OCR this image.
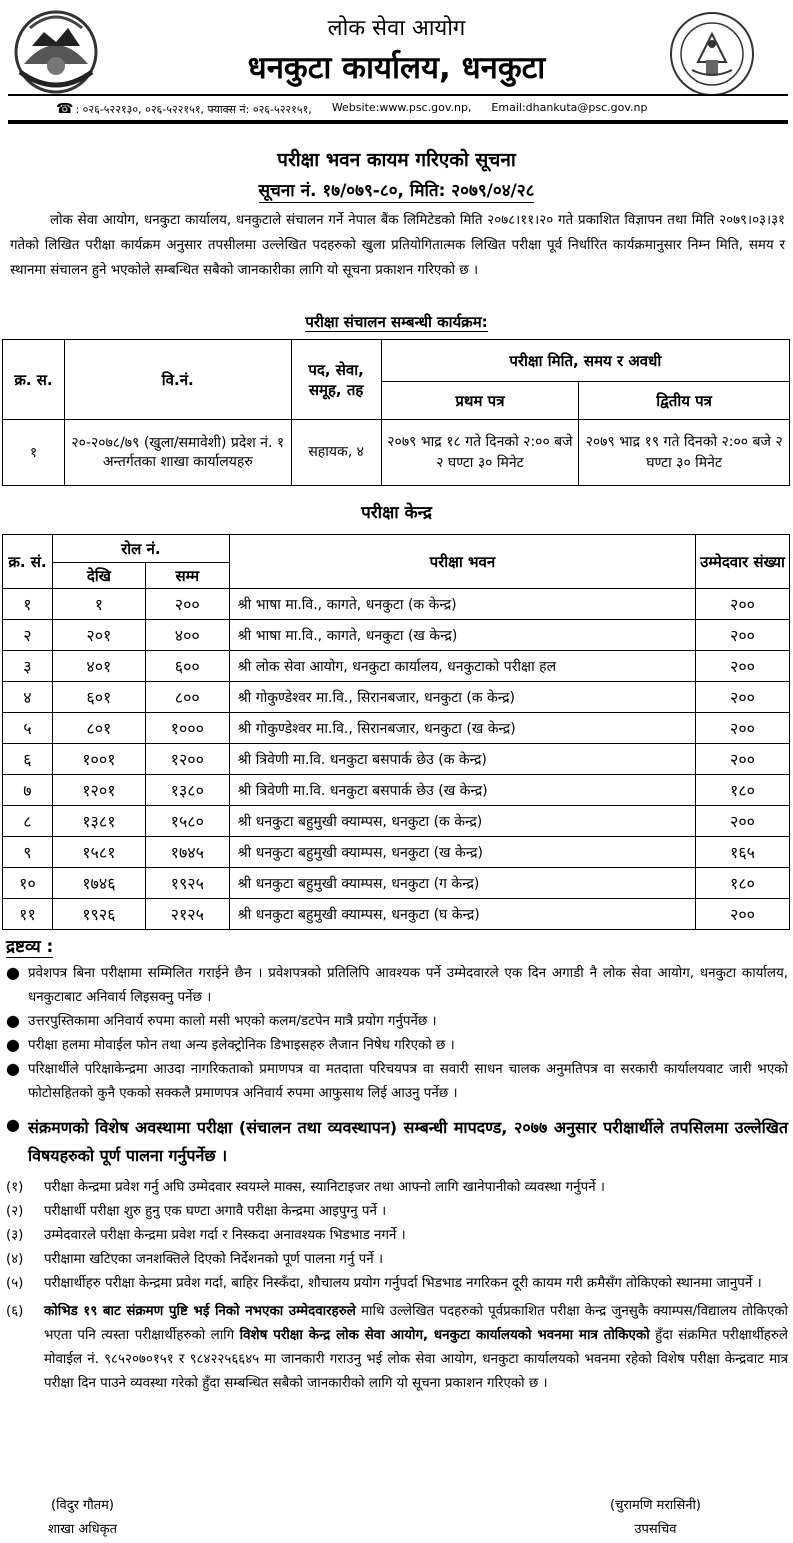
लोक सेवा आयोग
धनकुटा कार्यालय, धनकुटा
☎ : ०२६-५२२१३०, ०२६-५२२१५१, फ्याक्स नं: ०२६-५२२१५१, Website:www.psc.gov.np, Email:dhankuta@psc.gov.np
परीक्षा भवन कायम गरिएको सूचना
सूचना नं. १७/०७९-८०, मिति: २०७९/०४/२८
लोक सेवा आयोग, धनकुटा कार्यालय, धनकुटाले संचालन गर्ने नेपाल बैंक लिमिटेडको मिति २०७८।११।२० गते प्रकाशित विज्ञापन तथा मिति २०७९।०३।३१ गतेको लिखित परीक्षा कार्यक्रम अनुसार तपसीलमा उल्लेखित पदहरुको खुला प्रतियोगितात्मक लिखित परीक्षा पूर्व निर्धारित कार्यक्रमानुसार निम्न मिति, समय र स्थानमा संचालन हुने भएकोले सम्बन्धित सबैको जानकारीका लागि यो सूचना प्रकाशन गरिएको छ ।
परीक्षा संचालन सम्बन्धी कार्यक्रम:
क्र. स.	वि.नं.	पद, सेवा, समूह, तह	परीक्षा मिति, समय र अवधी	
			प्रथम पत्र	द्वितीय पत्र
१	२०-२०७८/७९ (खुला/समावेशी) प्रदेश नं. १ अन्तर्गतका शाखा कार्यालयहरु	सहायक, ४	२०७९ भाद्र १८ गते दिनको २:०० बजे २ घण्टा ३० मिनेट	२०७९ भाद्र १९ गते दिनको २:०० बजे २ घण्टा ३० मिनेट
परीक्षा केन्द्र
क्र. सं.	रोल नं.		परीक्षा भवन	उम्मेदवार संख्या
	देखि	सम्म		
१	१	२००	श्री भाषा मा.वि., कागते, धनकुटा (क केन्द्र)	२००
२	२०१	४००	श्री भाषा मा.वि., कागते, धनकुटा (ख केन्द्र)	२००
३	४०१	६००	श्री लोक सेवा आयोग, धनकुटा कार्यालय, धनकुटाको परीक्षा हल	२००
४	६०१	८००	श्री गोकुण्डेश्वर मा.वि., सिरानबजार, धनकुटा (क केन्द्र)	२००
५	८०१	१०००	श्री गोकुण्डेश्वर मा.वि., सिरानबजार, धनकुटा (ख केन्द्र)	२००
६	१००१	१२००	श्री त्रिवेणी मा.वि. धनकुटा बसपार्क छेउ (क केन्द्र)	२००
७	१२०१	१३८०	श्री त्रिवेणी मा.वि. धनकुटा बसपार्क छेउ (ख केन्द्र)	१८०
८	१३८१	१५८०	श्री धनकुटा बहुमुखी क्याम्पस, धनकुटा (क केन्द्र)	२००
९	१५८१	१७४५	श्री धनकुटा बहुमुखी क्याम्पस, धनकुटा (ख केन्द्र)	१६५
१०	१७४६	१९२५	श्री धनकुटा बहुमुखी क्याम्पस, धनकुटा (ग केन्द्र)	१८०
११	१९२६	२१२५	श्री धनकुटा बहुमुखी क्याम्पस, धनकुटा (घ केन्द्र)	२००
द्रष्टव्य :
● प्रवेशपत्र बिना परीक्षामा सम्मिलित गराईने छैन । प्रवेशपत्रको प्रतिलिपि आवश्यक पर्ने उम्मेदवारले एक दिन अगाडी नै लोक सेवा आयोग, धनकुटा कार्यालय, धनकुटाबाट अनिवार्य लिइसक्नु पर्नेछ ।
● उत्तरपुस्तिकामा अनिवार्य रुपमा कालो मसी भएको कलम/डटपेन मात्रै प्रयोग गर्नुपर्नेछ ।
● परीक्षा हलमा मोवाईल फोन तथा अन्य इलेक्ट्रोनिक डिभाइसहरु लैजान निषेध गरिएको छ ।
● परिक्षार्थीले परिक्षाकेन्द्रमा आउदा नागरिकताको प्रमाणपत्र वा मतदाता परिचयपत्र वा सवारी साधन चालक अनुमतिपत्र वा सरकारी कार्यालयवाट जारी भएको फोटोसहितको कुनै एकको सक्कलै प्रमाणपत्र अनिवार्य रुपमा आफुसाथ लिई आउनु पर्नेछ ।
● संक्रमणको विशेष अवस्थामा परीक्षा (संचालन तथा व्यवस्थापन) सम्बन्धी मापदण्ड, २०७७ अनुसार परीक्षार्थीले तपसिलमा उल्लेखित विषयहरुको पूर्ण पालना गर्नुपर्नेछ ।
(१)	परीक्षा केन्द्रमा प्रवेश गर्नु अघि उम्मेदवार स्वयम्ले माक्स, स्यानिटाइजर तथा आफ्नो लागि खानेपानीको व्यवस्था गर्नुपर्ने ।
(२)	परीक्षार्थी परीक्षा शुरु हुनु एक घण्टा अगावै परीक्षा केन्द्रमा आइपुग्नु पर्ने ।
(३)	उम्मेदवारले परीक्षा केन्द्रमा प्रवेश गर्दा र निस्कदा अनावश्यक भिडभाड नगर्ने ।
(४)	परीक्षामा खटिएका जनशक्तिले दिएको निर्देशनको पूर्ण पालना गर्नु पर्ने ।
(५)	परीक्षार्थीहरु परीक्षा केन्द्रमा प्रवेश गर्दा, बाहिर निस्कँदा, शौचालय प्रयोग गर्नुपर्दा भिडभाड नगरिकन दूरी कायम गरी क्रमैसँग तोकिएको स्थानमा जानुपर्ने ।
(६)	कोभिड १९ बाट संक्रमण पुष्टि भई निको नभएका उम्मेदवारहरुले माथि उल्लेखित पदहरुको पूर्वप्रकाशित परीक्षा केन्द्र जुनसुकै क्याम्पस/विद्यालय तोकिएको भएता पनि त्यस्ता परीक्षार्थीहरुको लागि विशेष परीक्षा केन्द्र लोक सेवा आयोग, धनकुटा कार्यालयको भवनमा मात्र तोकिएको हुँदा संक्रमित परीक्षार्थीहरुले मोवाईल नं. ९८५२०७०१५१ र ९८४२२५६६४५ मा जानकारी गराउनु भई लोक सेवा आयोग, धनकुटा कार्यालयको भवनमा रहेको विशेष परीक्षा केन्द्रवाट मात्र परीक्षा दिन पाउने व्यवस्था गरेको हुँदा सम्बन्धित सबैको जानकारीको लागि यो सूचना प्रकाशन गरिएको छ ।
(विदुर गौतम)
शाखा अधिकृत
(चुरामणि मरासिनी)
उपसचिव
